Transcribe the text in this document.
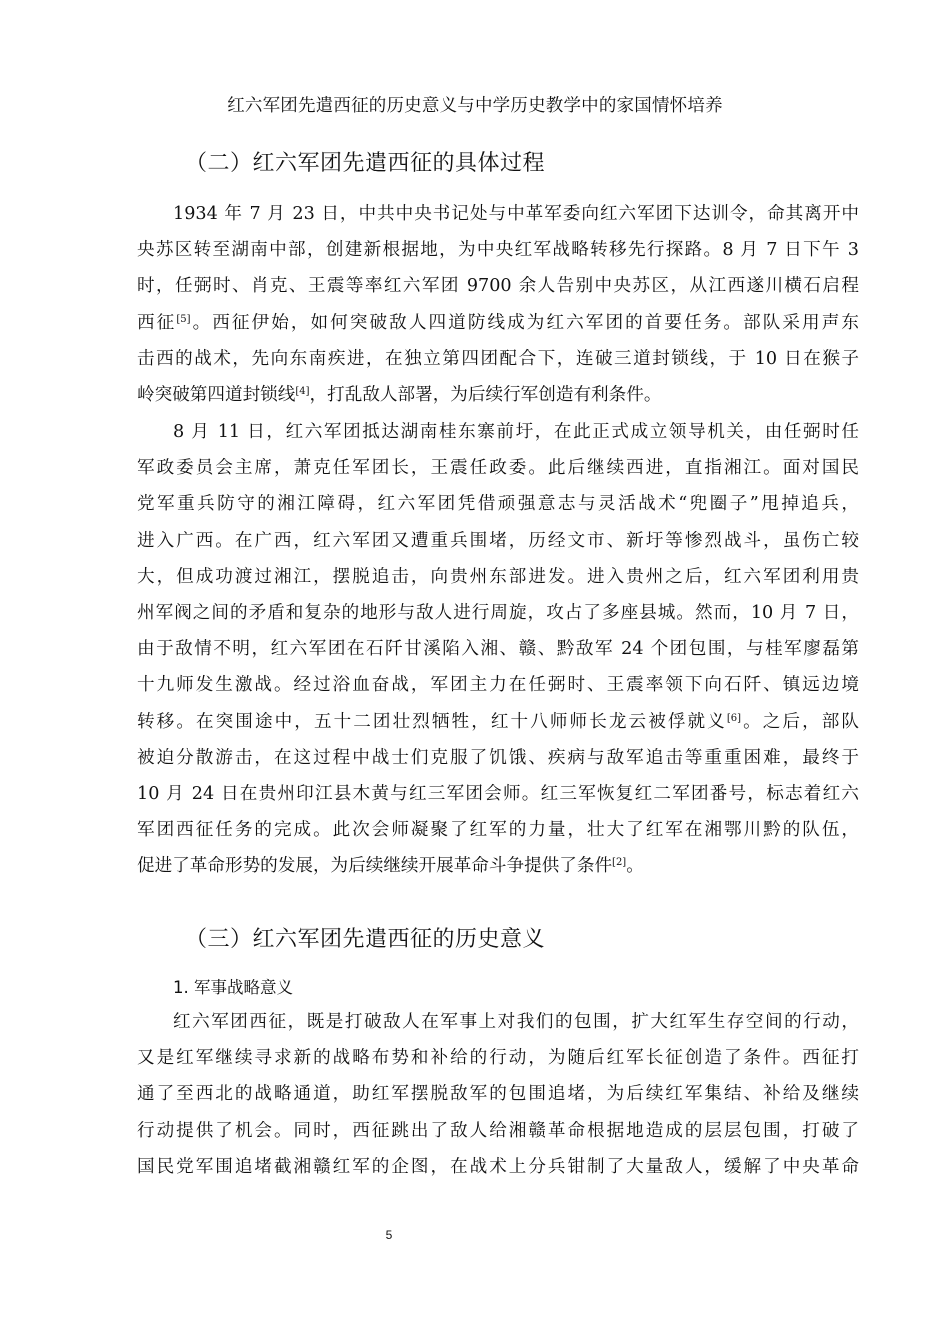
红六军团先遣西征的历史意义与中学历史教学中的家国情怀培养
（二）红六军团先遣西征的具体过程
1934 年 7 月 23 日，中共中央书记处与中革军委向红六军团下达训令，命其离开中
央苏区转至湖南中部，创建新根据地，为中央红军战略转移先行探路。8 月 7 日下午 3
时，任弼时、肖克、王震等率红六军团 9700 余人告别中央苏区，从江西遂川横石启程
西征[5]。西征伊始，如何突破敌人四道防线成为红六军团的首要任务。部队采用声东
击西的战术，先向东南疾进，在独立第四团配合下，连破三道封锁线，于 10 日在猴子
岭突破第四道封锁线[4]，打乱敌人部署，为后续行军创造有利条件。
8 月 11 日，红六军团抵达湖南桂东寨前圩，在此正式成立领导机关，由任弼时任
军政委员会主席，萧克任军团长，王震任政委。此后继续西进，直指湘江。面对国民
党军重兵防守的湘江障碍，红六军团凭借顽强意志与灵活战术“兜圈子”甩掉追兵，
进入广西。在广西，红六军团又遭重兵围堵，历经文市、新圩等惨烈战斗，虽伤亡较
大，但成功渡过湘江，摆脱追击，向贵州东部进发。进入贵州之后，红六军团利用贵
州军阀之间的矛盾和复杂的地形与敌人进行周旋，攻占了多座县城。然而，10 月 7 日，
由于敌情不明，红六军团在石阡甘溪陷入湘、赣、黔敌军 24 个团包围，与桂军廖磊第
十九师发生激战。经过浴血奋战，军团主力在任弼时、王震率领下向石阡、镇远边境
转移。在突围途中，五十二团壮烈牺牲，红十八师师长龙云被俘就义[6]。之后，部队
被迫分散游击，在这过程中战士们克服了饥饿、疾病与敌军追击等重重困难，最终于
10 月 24 日在贵州印江县木黄与红三军团会师。红三军恢复红二军团番号，标志着红六
军团西征任务的完成。此次会师凝聚了红军的力量，壮大了红军在湘鄂川黔的队伍，
促进了革命形势的发展，为后续继续开展革命斗争提供了条件[2]。
（三）红六军团先遣西征的历史意义
1. 军事战略意义
红六军团西征，既是打破敌人在军事上对我们的包围，扩大红军生存空间的行动，
又是红军继续寻求新的战略布势和补给的行动，为随后红军长征创造了条件。西征打
通了至西北的战略通道，助红军摆脱敌军的包围追堵，为后续红军集结、补给及继续
行动提供了机会。同时，西征跳出了敌人给湘赣革命根据地造成的层层包围，打破了
国民党军围追堵截湘赣红军的企图，在战术上分兵钳制了大量敌人，缓解了中央革命
5
